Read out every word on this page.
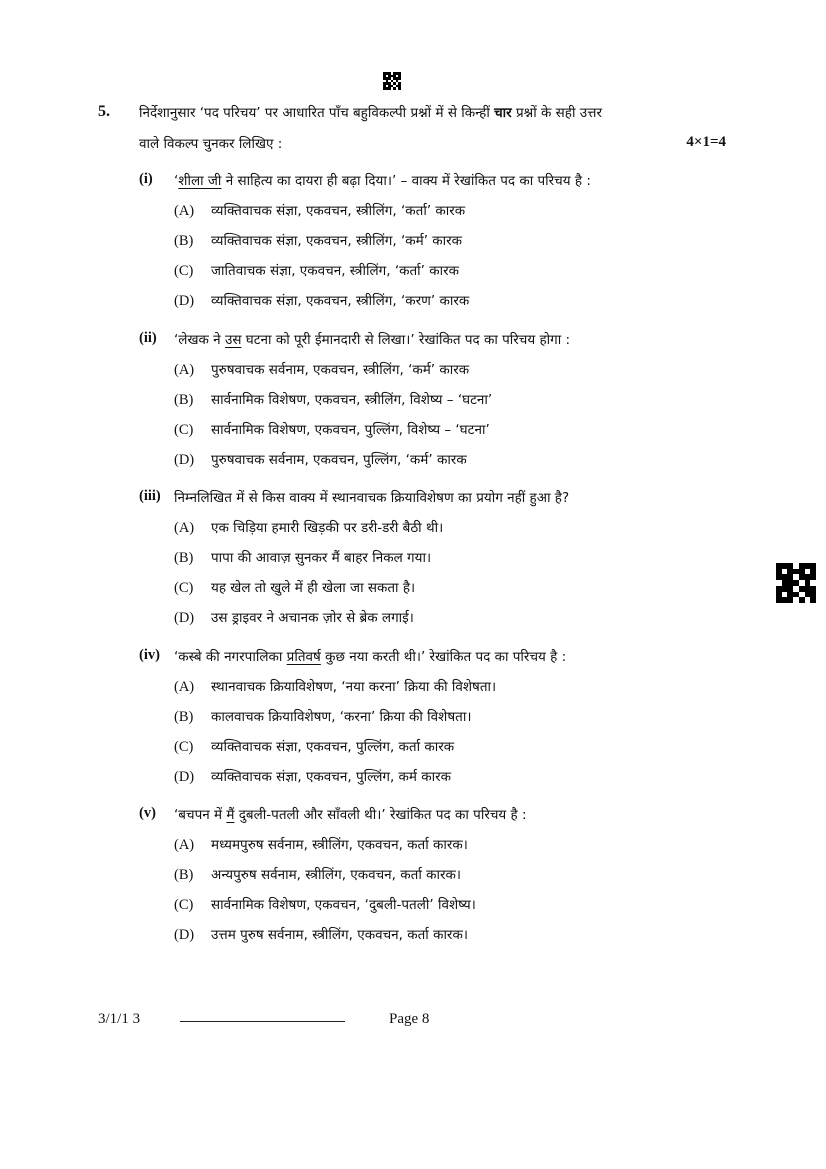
5. निर्देशानुसार ‘पद परिचय’ पर आधारित पाँच बहुविकल्पी प्रश्नों में से किन्हीं चार प्रश्नों के सही उत्तर
वाले विकल्प चुनकर लिखिए :	4×1=4
(i) ‘शीला जी ने साहित्य का दायरा ही बढ़ा दिया।’ – वाक्य में रेखांकित पद का परिचय है :
(A) व्यक्तिवाचक संज्ञा, एकवचन, स्त्रीलिंग, ‘कर्ता’ कारक
(B) व्यक्तिवाचक संज्ञा, एकवचन, स्त्रीलिंग, ‘कर्म’ कारक
(C) जातिवाचक संज्ञा, एकवचन, स्त्रीलिंग, ‘कर्ता’ कारक
(D) व्यक्तिवाचक संज्ञा, एकवचन, स्त्रीलिंग, ‘करण’ कारक
(ii) ‘लेखक ने उस घटना को पूरी ईमानदारी से लिखा।’ रेखांकित पद का परिचय होगा :
(A) पुरुषवाचक सर्वनाम, एकवचन, स्त्रीलिंग, ‘कर्म’ कारक
(B) सार्वनामिक विशेषण, एकवचन, स्त्रीलिंग, विशेष्य – ‘घटना’
(C) सार्वनामिक विशेषण, एकवचन, पुल्लिंग, विशेष्य – ‘घटना’
(D) पुरुषवाचक सर्वनाम, एकवचन, पुल्लिंग, ‘कर्म’ कारक
(iii) निम्नलिखित में से किस वाक्य में स्थानवाचक क्रियाविशेषण का प्रयोग नहीं हुआ है?
(A) एक चिड़िया हमारी खिड़की पर डरी-डरी बैठी थी।
(B) पापा की आवाज़ सुनकर मैं बाहर निकल गया।
(C) यह खेल तो खुले में ही खेला जा सकता है।
(D) उस ड्राइवर ने अचानक ज़ोर से ब्रेक लगाई।
(iv) ‘कस्बे की नगरपालिका प्रतिवर्ष कुछ नया करती थी।’ रेखांकित पद का परिचय है :
(A) स्थानवाचक क्रियाविशेषण, ‘नया करना’ क्रिया की विशेषता।
(B) कालवाचक क्रियाविशेषण, ‘करना’ क्रिया की विशेषता।
(C) व्यक्तिवाचक संज्ञा, एकवचन, पुल्लिंग, कर्ता कारक
(D) व्यक्तिवाचक संज्ञा, एकवचन, पुल्लिंग, कर्म कारक
(v) ‘बचपन में मैं दुबली-पतली और साँवली थी।’ रेखांकित पद का परिचय है :
(A) मध्यमपुरुष सर्वनाम, स्त्रीलिंग, एकवचन, कर्ता कारक।
(B) अन्यपुरुष सर्वनाम, स्त्रीलिंग, एकवचन, कर्ता कारक।
(C) सार्वनामिक विशेषण, एकवचन, ‘दुबली-पतली’ विशेष्य।
(D) उत्तम पुरुष सर्वनाम, स्त्रीलिंग, एकवचन, कर्ता कारक।
3/1/1 3	Page 8
